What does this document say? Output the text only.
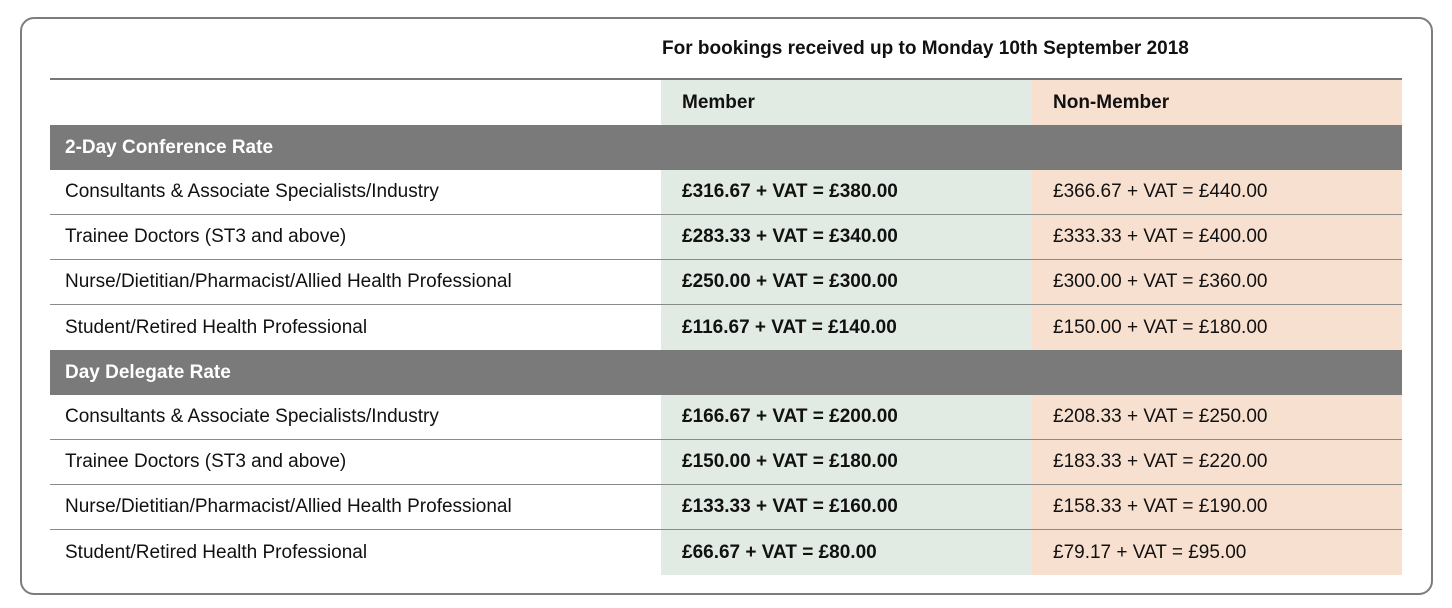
For bookings received up to Monday 10th September 2018
Member	Non-Member
2-Day Conference Rate
Consultants & Associate Specialists/Industry	£316.67 + VAT = £380.00	£366.67 + VAT = £440.00
Trainee Doctors (ST3 and above)	£283.33 + VAT = £340.00	£333.33 + VAT = £400.00
Nurse/Dietitian/Pharmacist/Allied Health Professional	£250.00 + VAT = £300.00	£300.00 + VAT = £360.00
Student/Retired Health Professional	£116.67 + VAT = £140.00	£150.00 + VAT = £180.00
Day Delegate Rate
Consultants & Associate Specialists/Industry	£166.67 + VAT = £200.00	£208.33 + VAT = £250.00
Trainee Doctors (ST3 and above)	£150.00 + VAT = £180.00	£183.33 + VAT = £220.00
Nurse/Dietitian/Pharmacist/Allied Health Professional	£133.33 + VAT = £160.00	£158.33 + VAT = £190.00
Student/Retired Health Professional	£66.67 + VAT = £80.00	£79.17 + VAT = £95.00
